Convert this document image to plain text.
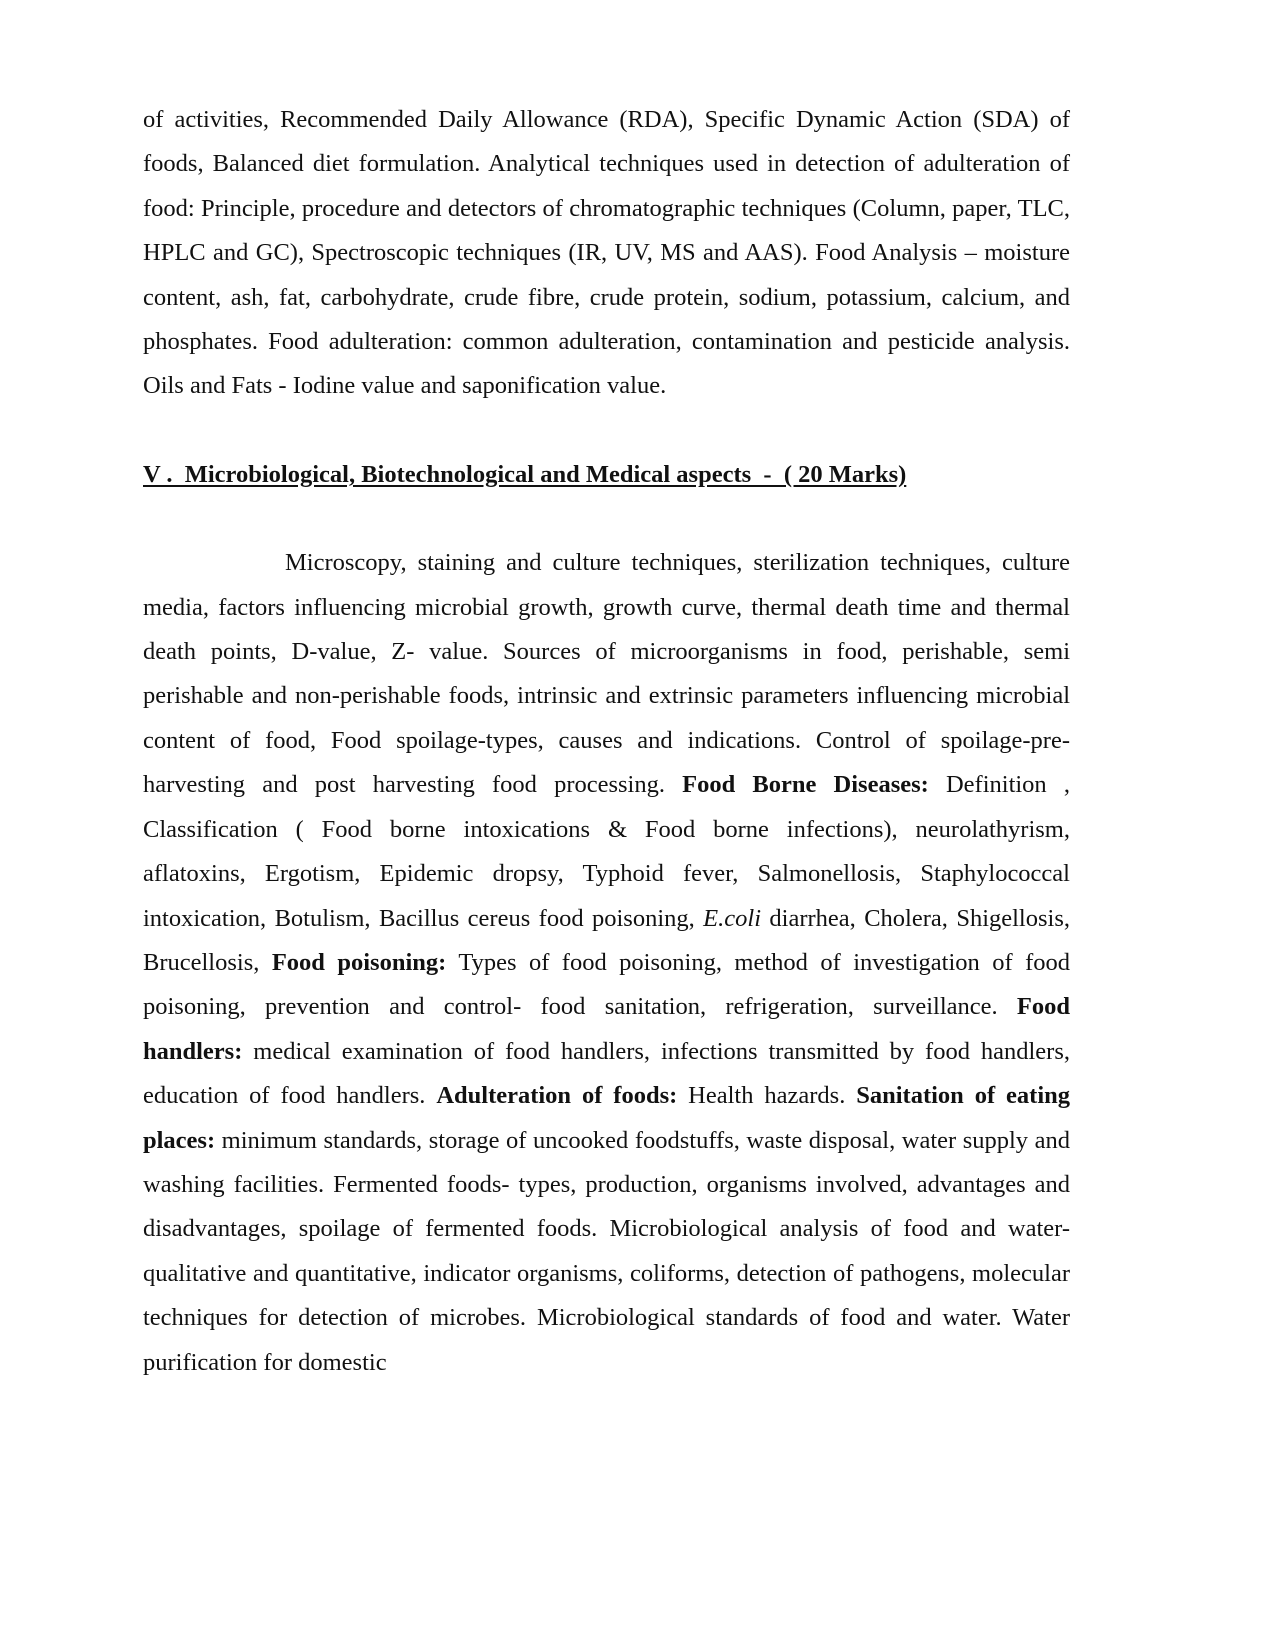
of activities, Recommended Daily Allowance (RDA), Specific Dynamic Action (SDA) of foods, Balanced diet formulation. Analytical techniques used in detection of adulteration of food: Principle, procedure and detectors of chromatographic techniques (Column, paper, TLC, HPLC and GC), Spectroscopic techniques (IR, UV, MS and AAS). Food Analysis – moisture content, ash, fat, carbohydrate, crude fibre, crude protein, sodium, potassium, calcium, and phosphates. Food adulteration: common adulteration, contamination and pesticide analysis. Oils and Fats - Iodine value and saponification value.

V .  Microbiological, Biotechnological and Medical aspects  -  ( 20 Marks)

Microscopy, staining and culture techniques, sterilization techniques, culture media, factors influencing microbial growth, growth curve, thermal death time and thermal death points, D-value, Z- value. Sources of microorganisms in food, perishable, semi perishable and non-perishable foods, intrinsic and extrinsic parameters influencing microbial content of food, Food spoilage-types, causes and indications. Control of spoilage-pre-harvesting and post harvesting food processing. Food Borne Diseases: Definition , Classification ( Food borne intoxications & Food borne infections), neurolathyrism, aflatoxins, Ergotism, Epidemic dropsy, Typhoid fever, Salmonellosis, Staphylococcal intoxication, Botulism, Bacillus cereus food poisoning, E.coli diarrhea, Cholera, Shigellosis, Brucellosis, Food poisoning: Types of food poisoning, method of investigation of food poisoning, prevention and control- food sanitation, refrigeration, surveillance. Food handlers: medical examination of food handlers, infections transmitted by food handlers, education of food handlers. Adulteration of foods: Health hazards. Sanitation of eating places: minimum standards, storage of uncooked foodstuffs, waste disposal, water supply and washing facilities. Fermented foods- types, production, organisms involved, advantages and disadvantages, spoilage of fermented foods. Microbiological analysis of food and water- qualitative and quantitative, indicator organisms, coliforms, detection of pathogens, molecular techniques for detection of microbes. Microbiological standards of food and water. Water purification for domestic
